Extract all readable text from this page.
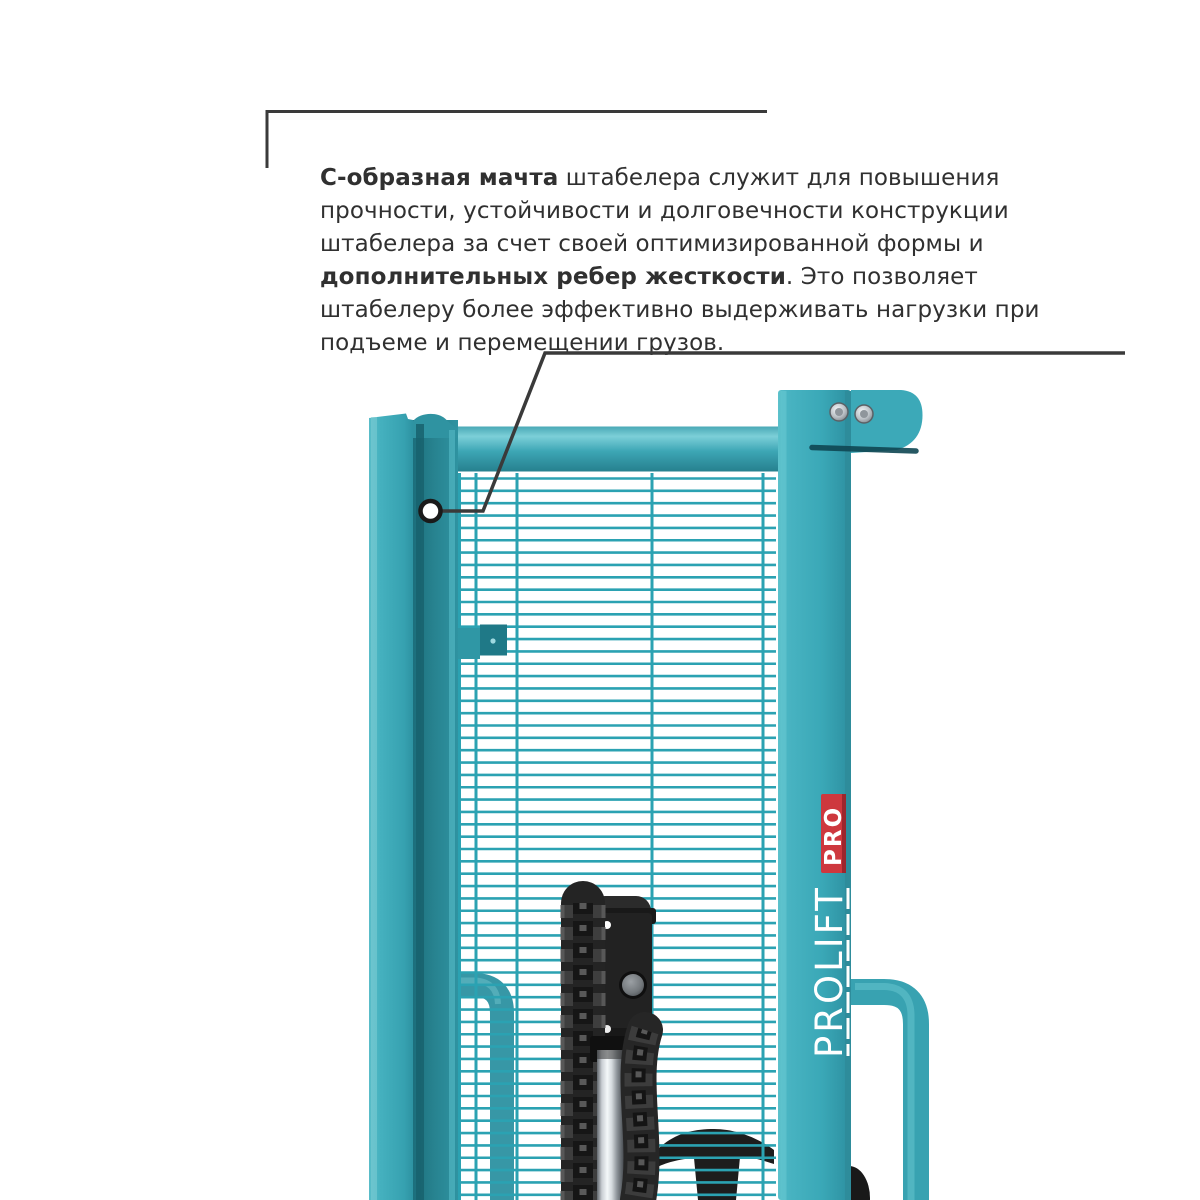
С-образная мачта штабелера служит для повышения прочности, устойчивости и долговечности конструкции штабелера за счет своей оптимизированной формы и дополнительных ребер жесткости. Это позволяет штабелеру более эффективно выдерживать нагрузки при подъеме и перемещении грузов.
PRO
PROLIFT
